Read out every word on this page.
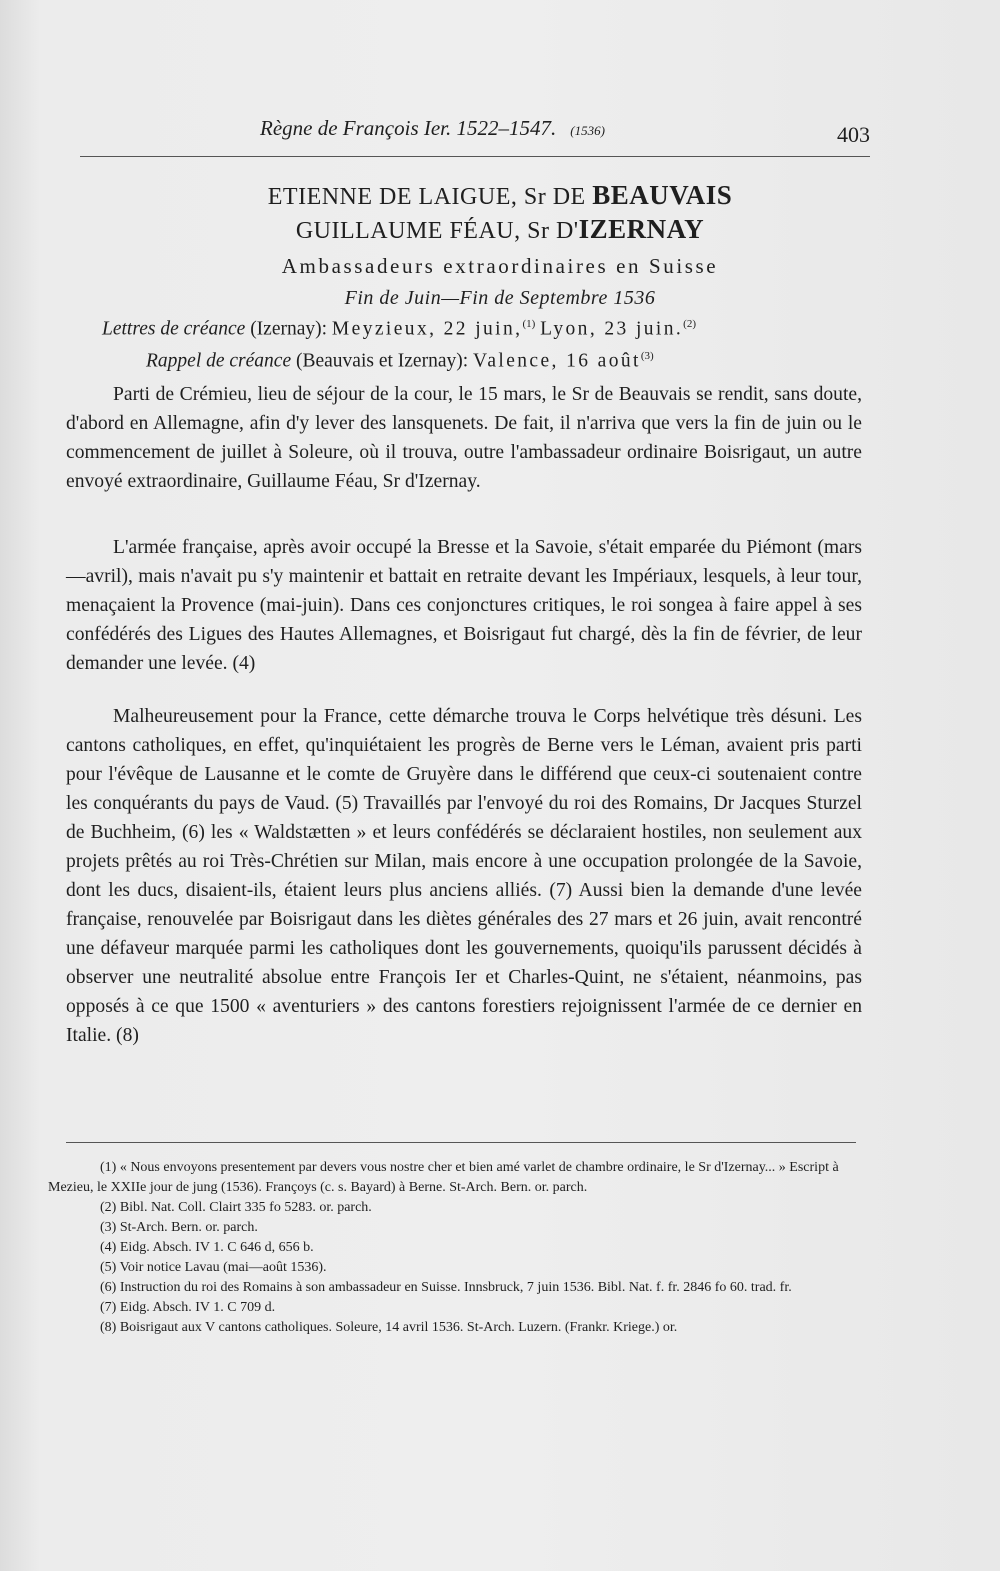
Règne de François Ier. 1522–1547. (1536)	403
ETIENNE DE LAIGUE, Sr DE BEAUVAIS
GUILLAUME FÉAU, Sr D'IZERNAY
Ambassadeurs extraordinaires en Suisse
Fin de Juin—Fin de Septembre 1536
Lettres de créance (Izernay): Meyzieux, 22 juin,$^{(1)}$ Lyon, 23 juin.$^{(2)}$
Rappel de créance (Beauvais et Izernay): Valence, 16 août$^{(3)}$
Parti de Crémieu, lieu de séjour de la cour, le 15 mars, le Sr de Beauvais se rendit, sans doute, d'abord en Allemagne, afin d'y lever des lansquenets. De fait, il n'arriva que vers la fin de juin ou le commencement de juillet à Soleure, où il trouva, outre l'ambassadeur ordinaire Boisrigaut, un autre envoyé extraordinaire, Guillaume Féau, Sr d'Izernay.
L'armée française, après avoir occupé la Bresse et la Savoie, s'était emparée du Piémont (mars—avril), mais n'avait pu s'y maintenir et battait en retraite devant les Impériaux, lesquels, à leur tour, menaçaient la Provence (mai-juin). Dans ces conjonctures critiques, le roi songea à faire appel à ses confédérés des Ligues des Hautes Allemagnes, et Boisrigaut fut chargé, dès la fin de février, de leur demander une levée. (4)
Malheureusement pour la France, cette démarche trouva le Corps helvétique très désuni. Les cantons catholiques, en effet, qu'inquiétaient les progrès de Berne vers le Léman, avaient pris parti pour l'évêque de Lausanne et le comte de Gruyère dans le différend que ceux-ci soutenaient contre les conquérants du pays de Vaud. (5) Travaillés par l'envoyé du roi des Romains, Dr Jacques Sturzel de Buchheim, (6) les « Waldstætten » et leurs confédérés se déclaraient hostiles, non seulement aux projets prêtés au roi Très-Chrétien sur Milan, mais encore à une occupation prolongée de la Savoie, dont les ducs, disaient-ils, étaient leurs plus anciens alliés. (7) Aussi bien la demande d'une levée française, renouvelée par Boisrigaut dans les diètes générales des 27 mars et 26 juin, avait rencontré une défaveur marquée parmi les catholiques dont les gouvernements, quoiqu'ils parussent décidés à observer une neutralité absolue entre François Ier et Charles-Quint, ne s'étaient, néanmoins, pas opposés à ce que 1500 « aventuriers » des cantons forestiers rejoignissent l'armée de ce dernier en Italie. (8)
(1) « Nous envoyons presentement par devers vous nostre cher et bien amé varlet de chambre ordinaire, le Sr d'Izernay... » Escript à Mezieu, le XXIIe jour de jung (1536). Françoys (c. s. Bayard) à Berne. St-Arch. Bern. or. parch.
(2) Bibl. Nat. Coll. Clairt 335 fo 5283. or. parch.
(3) St-Arch. Bern. or. parch.
(4) Eidg. Absch. IV 1. C 646 d, 656 b.
(5) Voir notice Lavau (mai—août 1536).
(6) Instruction du roi des Romains à son ambassadeur en Suisse. Innsbruck, 7 juin 1536. Bibl. Nat. f. fr. 2846 fo 60. trad. fr.
(7) Eidg. Absch. IV 1. C 709 d.
(8) Boisrigaut aux V cantons catholiques. Soleure, 14 avril 1536. St-Arch. Luzern. (Frankr. Kriege.) or.
